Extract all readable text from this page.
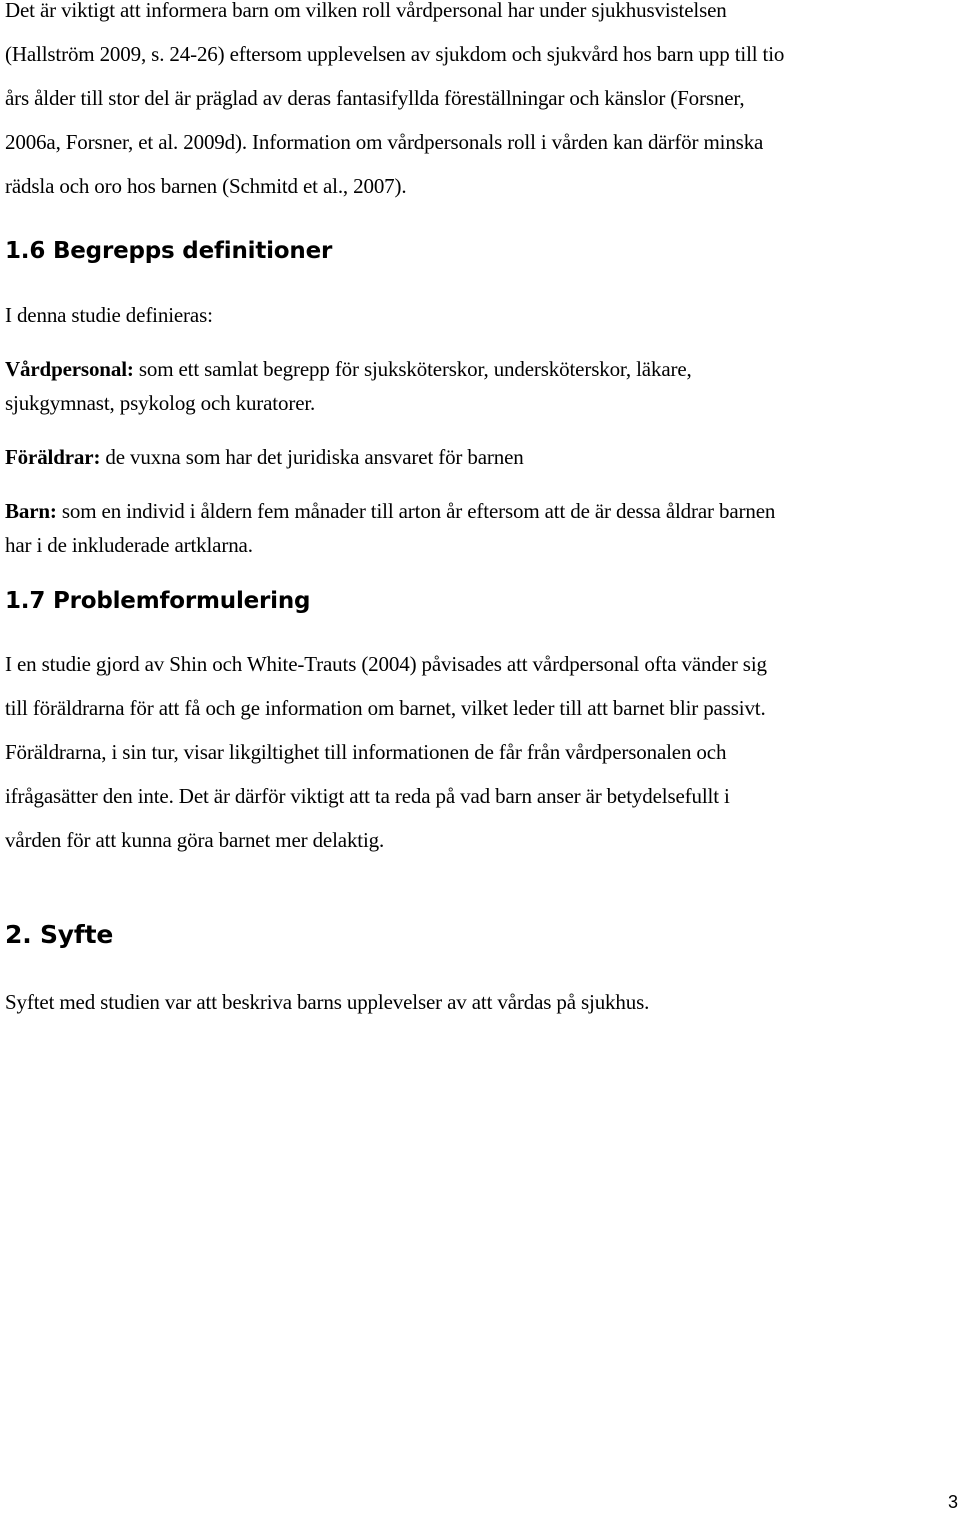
Det är viktigt att informera barn om vilken roll vårdpersonal har under sjukhusvistelsen
(Hallström 2009, s. 24-26) eftersom upplevelsen av sjukdom och sjukvård hos barn upp till tio
års ålder till stor del är präglad av deras fantasifyllda föreställningar och känslor (Forsner,
2006a, Forsner, et al. 2009d). Information om vårdpersonals roll i vården kan därför minska
rädsla och oro hos barnen (Schmitd et al., 2007).
1.6 Begrepps definitioner
I denna studie definieras:
Vårdpersonal: som ett samlat begrepp för sjuksköterskor, undersköterskor, läkare,
sjukgymnast, psykolog och kuratorer.
Föräldrar: de vuxna som har det juridiska ansvaret för barnen
Barn: som en individ i åldern fem månader till arton år eftersom att de är dessa åldrar barnen
har i de inkluderade artklarna.
1.7 Problemformulering
I en studie gjord av Shin och White-Trauts (2004) påvisades att vårdpersonal ofta vänder sig
till föräldrarna för att få och ge information om barnet, vilket leder till att barnet blir passivt.
Föräldrarna, i sin tur, visar likgiltighet till informationen de får från vårdpersonalen och
ifrågasätter den inte. Det är därför viktigt att ta reda på vad barn anser är betydelsefullt i
vården för att kunna göra barnet mer delaktig.
2. Syfte
Syftet med studien var att beskriva barns upplevelser av att vårdas på sjukhus.
3
